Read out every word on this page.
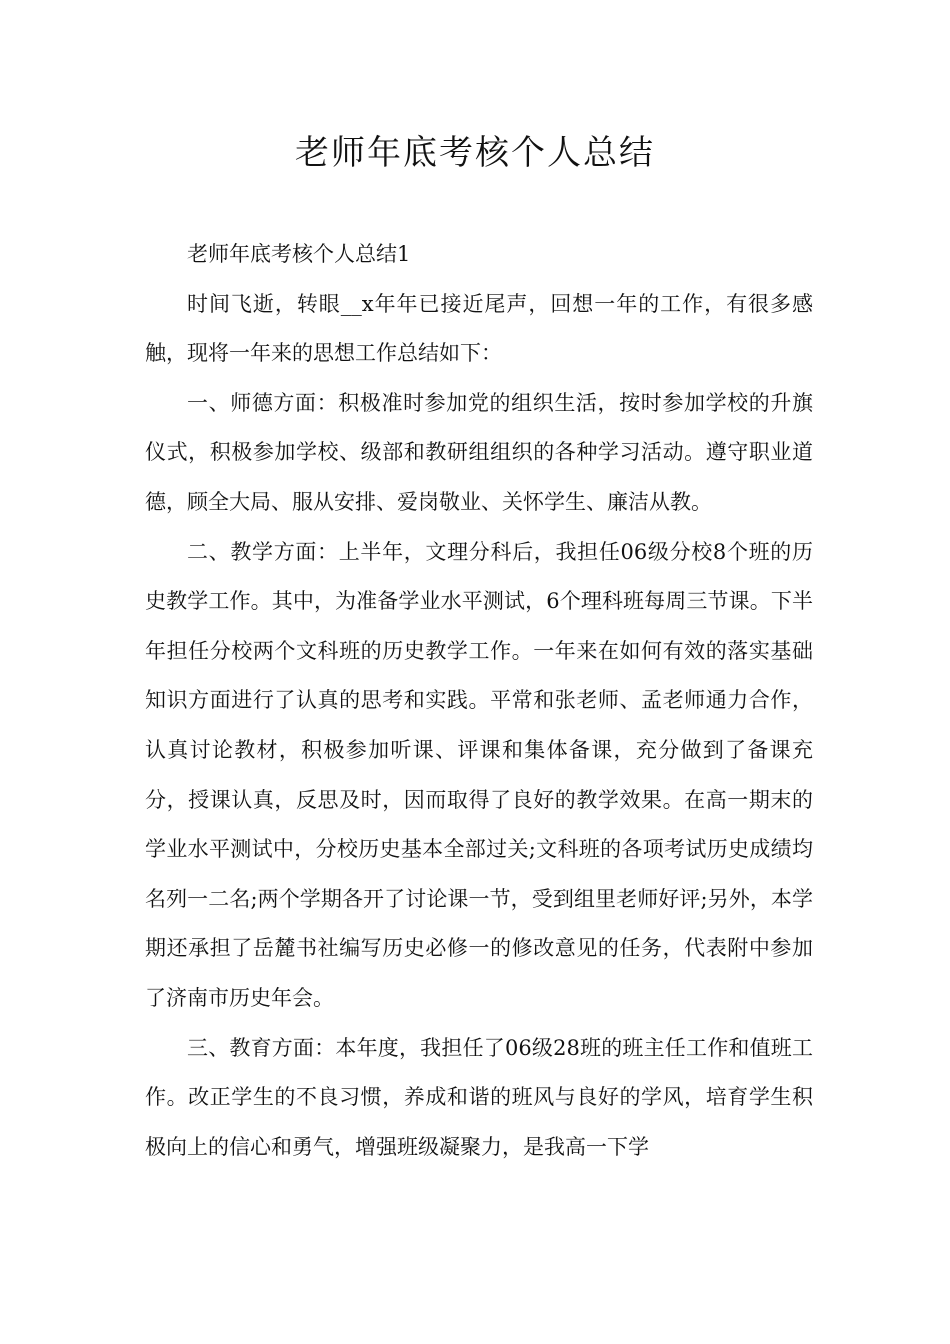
老师年底考核个人总结

老师年底考核个人总结1

时间飞逝，转眼__x年年已接近尾声，回想一年的工作，有很多感触，现将一年来的思想工作总结如下：

一、师德方面：积极准时参加党的组织生活，按时参加学校的升旗仪式，积极参加学校、级部和教研组组织的各种学习活动。遵守职业道德，顾全大局、服从安排、爱岗敬业、关怀学生、廉洁从教。

二、教学方面：上半年，文理分科后，我担任06级分校8个班的历史教学工作。其中，为准备学业水平测试，6个理科班每周三节课。下半年担任分校两个文科班的历史教学工作。一年来在如何有效的落实基础知识方面进行了认真的思考和实践。平常和张老师、孟老师通力合作，认真讨论教材，积极参加听课、评课和集体备课，充分做到了备课充分，授课认真，反思及时，因而取得了良好的教学效果。在高一期末的学业水平测试中，分校历史基本全部过关;文科班的各项考试历史成绩均名列一二名;两个学期各开了讨论课一节，受到组里老师好评;另外，本学期还承担了岳麓书社编写历史必修一的修改意见的任务，代表附中参加了济南市历史年会。

三、教育方面：本年度，我担任了06级28班的班主任工作和值班工作。改正学生的不良习惯，养成和谐的班风与良好的学风，培育学生积极向上的信心和勇气，增强班级凝聚力，是我高一下学
